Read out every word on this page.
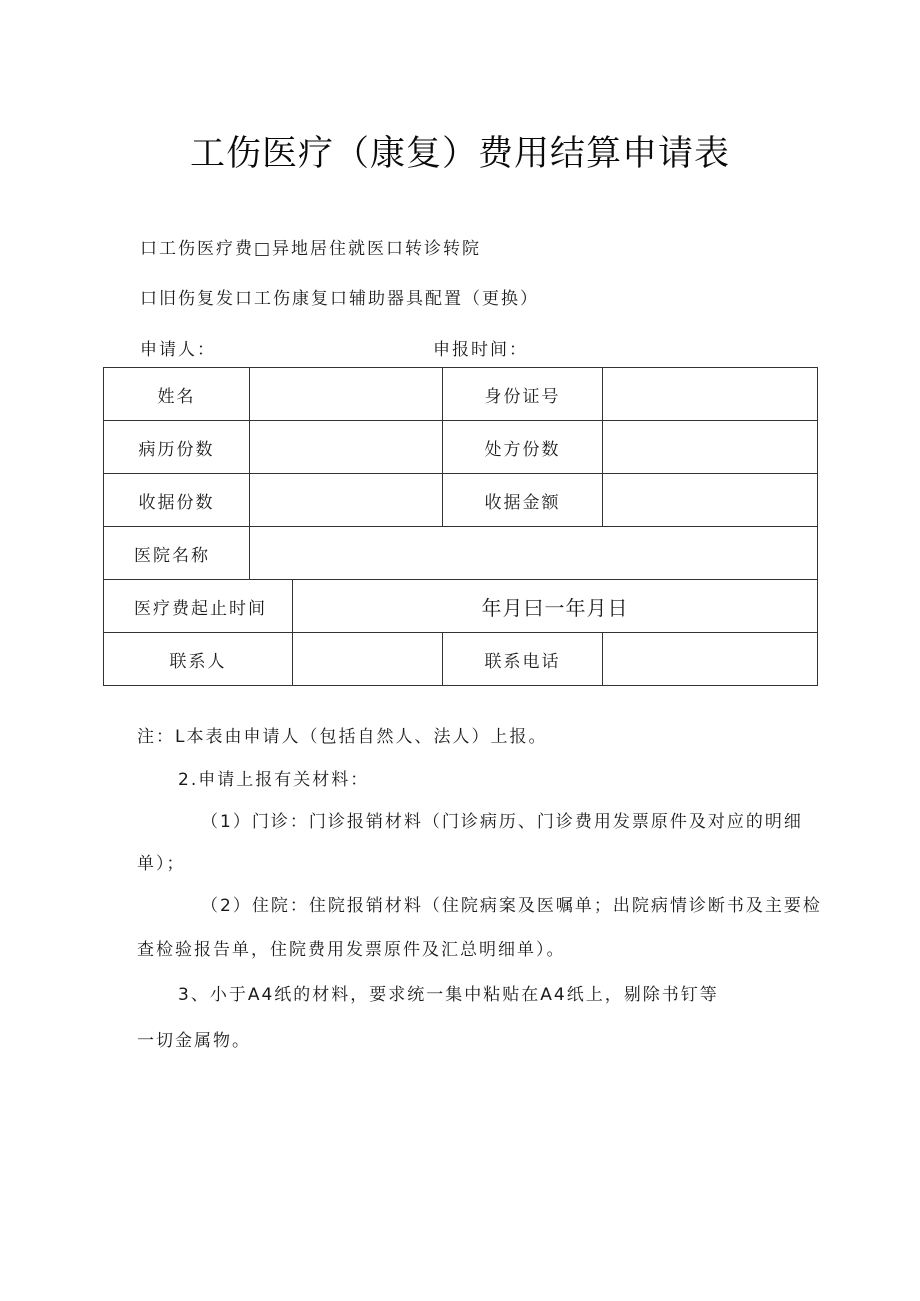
工伤医疗（康复）费用结算申请表
口工伤医疗费□异地居住就医口转诊转院
口旧伤复发口工伤康复口辅助器具配置（更换）
申请人：	申报时间：
姓名			身份证号	
病历份数			处方份数	
收据份数			收据金额	
医院名称				
医疗费起止时间		年月曰一年月日		
联系人			联系电话	
注：L本表由申请人（包括自然人、法人）上报。
2.申请上报有关材料：
（1）门诊：门诊报销材料（门诊病历、门诊费用发票原件及对应的明细
单）；
（2）住院：住院报销材料（住院病案及医嘱单；出院病情诊断书及主要检
查检验报告单，住院费用发票原件及汇总明细单）。
3、小于A4纸的材料，要求统一集中粘贴在A4纸上，剔除书钉等
一切金属物。
